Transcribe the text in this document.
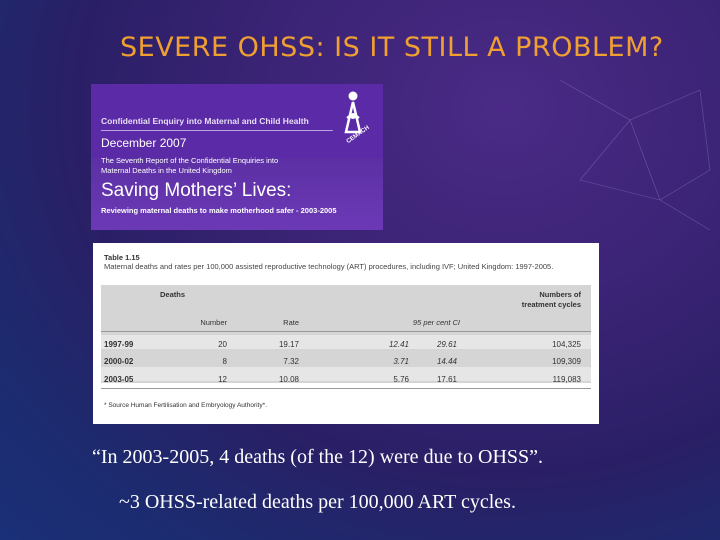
SEVERE OHSS: IS IT STILL A PROBLEM?
Confidential Enquiry into Maternal and Child Health
December 2007
The Seventh Report of the Confidential Enquiries into Maternal Deaths in the United Kingdom
Saving Mothers’ Lives:
Reviewing maternal deaths to make motherhood safer - 2003-2005
CEMACH
Table 1.15
Maternal deaths and rates per 100,000 assisted reproductive technology (ART) procedures, including IVF; United Kingdom: 1997-2005.
Deaths	Numbers of treatment cycles
Number	Rate	95 per cent CI
1997-99	20	19.17	12.41	29.61	104,325
2000-02	8	7.32	3.71	14.44	109,309
2003-05	12	10.08	5.76	17.61	119,083
* Source Human Fertilisation and Embryology Authority*.
“In 2003-2005, 4 deaths (of the 12) were due to OHSS”.
~3 OHSS-related deaths per 100,000 ART cycles.
